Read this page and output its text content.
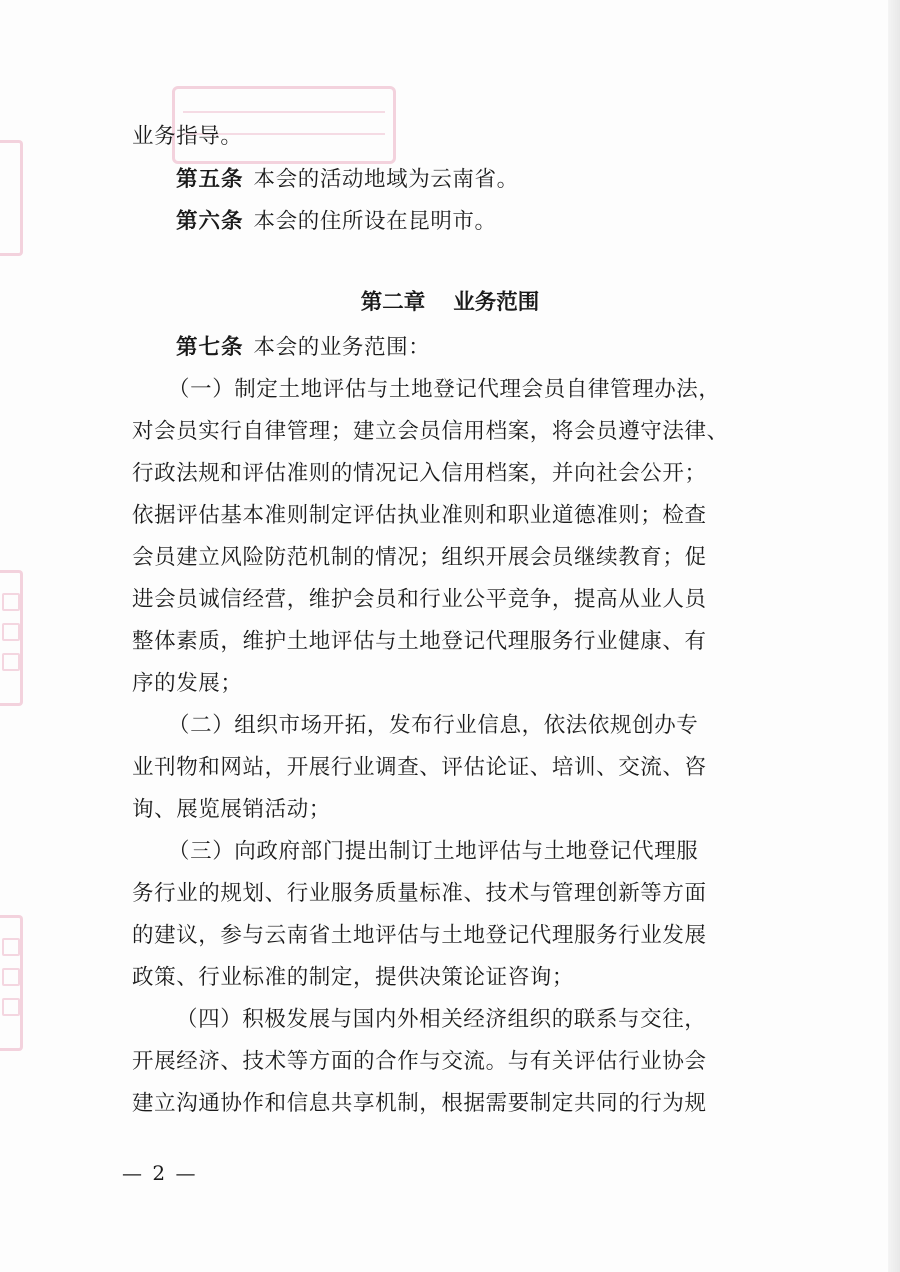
业务指导。
第五条 本会的活动地域为云南省。
第六条 本会的住所设在昆明市。
第二章 业务范围
第七条 本会的业务范围：
（一）制定土地评估与土地登记代理会员自律管理办法，
对会员实行自律管理；建立会员信用档案，将会员遵守法律、
行政法规和评估准则的情况记入信用档案，并向社会公开；
依据评估基本准则制定评估执业准则和职业道德准则；检查
会员建立风险防范机制的情况；组织开展会员继续教育；促
进会员诚信经营，维护会员和行业公平竞争，提高从业人员
整体素质，维护土地评估与土地登记代理服务行业健康、有
序的发展；
（二）组织市场开拓，发布行业信息，依法依规创办专
业刊物和网站，开展行业调查、评估论证、培训、交流、咨
询、展览展销活动；
（三）向政府部门提出制订土地评估与土地登记代理服
务行业的规划、行业服务质量标准、技术与管理创新等方面
的建议，参与云南省土地评估与土地登记代理服务行业发展
政策、行业标准的制定，提供决策论证咨询；
（四）积极发展与国内外相关经济组织的联系与交往，
开展经济、技术等方面的合作与交流。与有关评估行业协会
建立沟通协作和信息共享机制，根据需要制定共同的行为规
— 2 —
